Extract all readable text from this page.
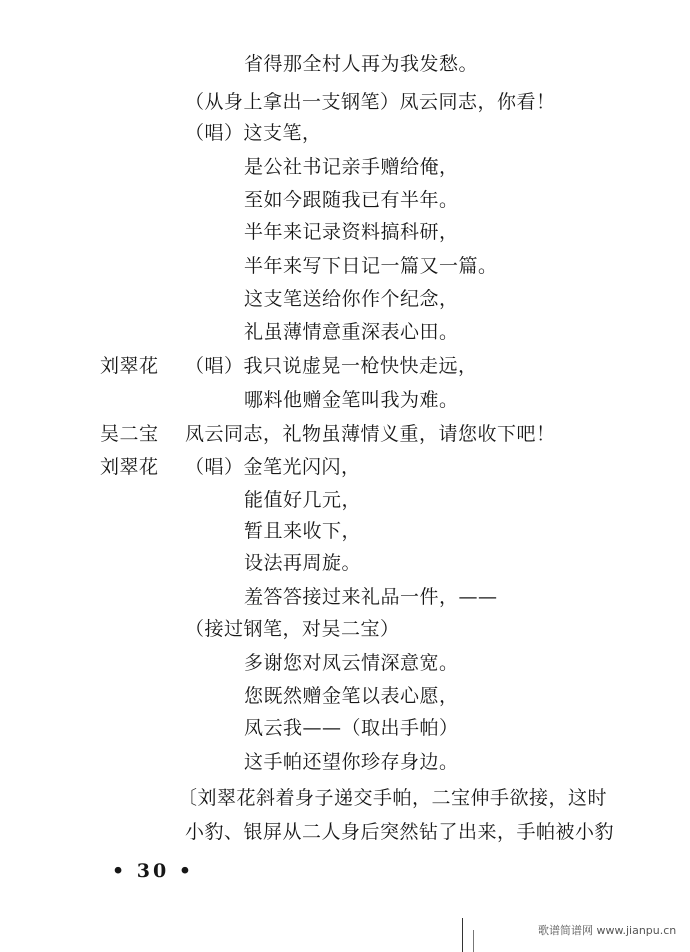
省得那全村人再为我发愁。
（从身上拿出一支钢笔）凤云同志，你看！
（唱）这支笔，
是公社书记亲手赠给俺，
至如今跟随我已有半年。
半年来记录资料搞科研，
半年来写下日记一篇又一篇。
这支笔送给你作个纪念，
礼虽薄情意重深表心田。
刘翠花 （唱）我只说虚晃一枪快快走远，
哪料他赠金笔叫我为难。
吴二宝 凤云同志，礼物虽薄情义重，请您收下吧！
刘翠花 （唱）金笔光闪闪，
能值好几元，
暂且来收下，
设法再周旋。
羞答答接过来礼品一件，——
（接过钢笔，对吴二宝）
多谢您对凤云情深意宽。
您既然赠金笔以表心愿，
凤云我——（取出手帕）
这手帕还望你珍存身边。
〔刘翠花斜着身子递交手帕，二宝伸手欲接，这时
小豹、银屏从二人身后突然钻了出来，手帕被小豹
• 30 •
歌谱简谱网 www.jianpu.cn
